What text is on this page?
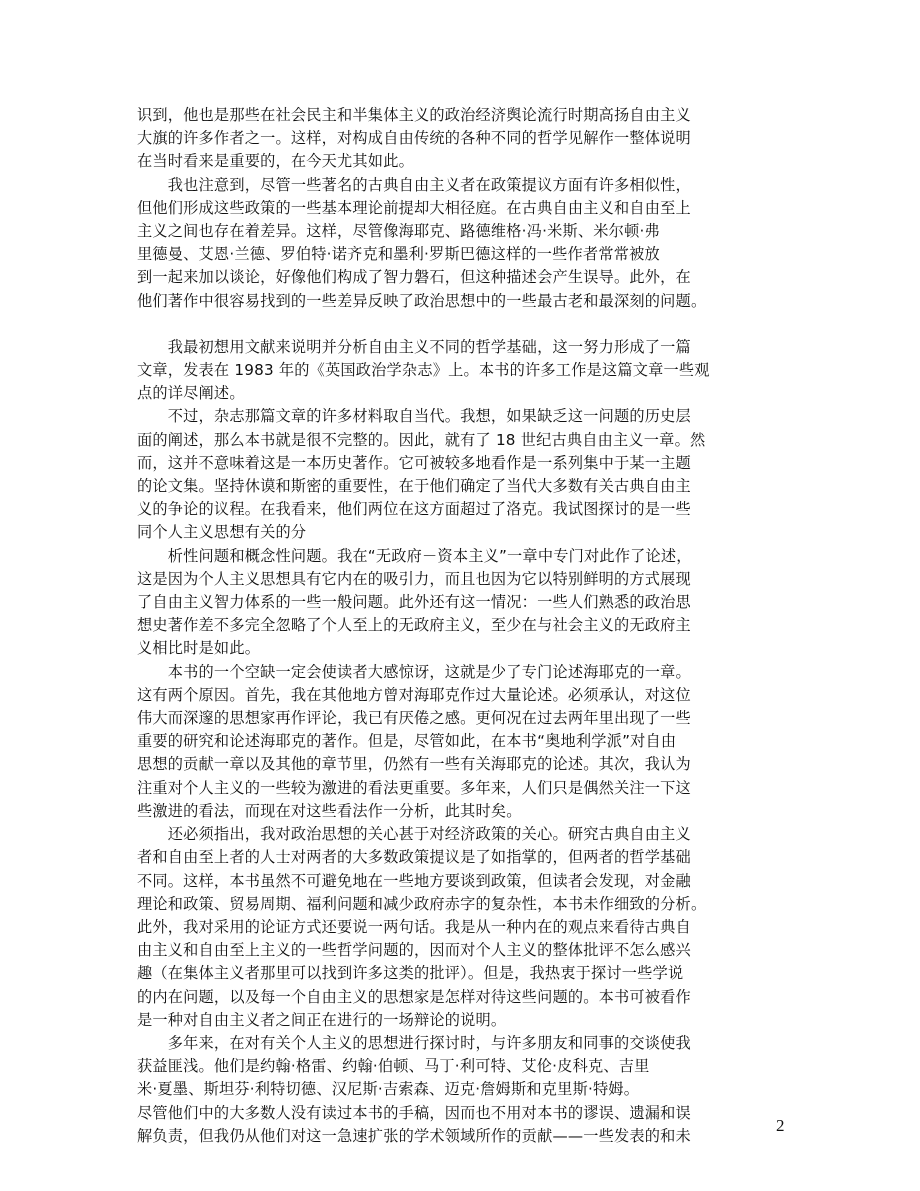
识到，他也是那些在社会民主和半集体主义的政治经济舆论流行时期高扬自由主义
大旗的许多作者之一。这样，对构成自由传统的各种不同的哲学见解作一整体说明
在当时看来是重要的，在今天尤其如此。
　　我也注意到，尽管一些著名的古典自由主义者在政策提议方面有许多相似性，
但他们形成这些政策的一些基本理论前提却大相径庭。在古典自由主义和自由至上
主义之间也存在着差异。这样，尽管像海耶克、路德维格·冯·米斯、米尔顿·弗
里德曼、艾恩·兰德、罗伯特·诺齐克和墨利·罗斯巴德这样的一些作者常常被放
到一起来加以谈论，好像他们构成了智力磐石，但这种描述会产生误导。此外，在
他们著作中很容易找到的一些差异反映了政治思想中的一些最古老和最深刻的问题。
　　我最初想用文献来说明并分析自由主义不同的哲学基础，这一努力形成了一篇
文章，发表在 1983 年的《英国政治学杂志》上。本书的许多工作是这篇文章一些观
点的详尽阐述。
　　不过，杂志那篇文章的许多材料取自当代。我想，如果缺乏这一问题的历史层
面的阐述，那么本书就是很不完整的。因此，就有了 18 世纪古典自由主义一章。然
而，这并不意味着这是一本历史著作。它可被较多地看作是一系列集中于某一主题
的论文集。坚持休谟和斯密的重要性，在于他们确定了当代大多数有关古典自由主
义的争论的议程。在我看来，他们两位在这方面超过了洛克。我试图探讨的是一些
同个人主义思想有关的分
　　析性问题和概念性问题。我在“无政府－资本主义”一章中专门对此作了论述，
这是因为个人主义思想具有它内在的吸引力，而且也因为它以特别鲜明的方式展现
了自由主义智力体系的一些一般问题。此外还有这一情况：一些人们熟悉的政治思
想史著作差不多完全忽略了个人至上的无政府主义，至少在与社会主义的无政府主
义相比时是如此。
　　本书的一个空缺一定会使读者大感惊讶，这就是少了专门论述海耶克的一章。
这有两个原因。首先，我在其他地方曾对海耶克作过大量论述。必须承认，对这位
伟大而深邃的思想家再作评论，我已有厌倦之感。更何况在过去两年里出现了一些
重要的研究和论述海耶克的著作。但是，尽管如此，在本书“奥地利学派”对自由
思想的贡献一章以及其他的章节里，仍然有一些有关海耶克的论述。其次，我认为
注重对个人主义的一些较为激进的看法更重要。多年来，人们只是偶然关注一下这
些激进的看法，而现在对这些看法作一分析，此其时矣。
　　还必须指出，我对政治思想的关心甚于对经济政策的关心。研究古典自由主义
者和自由至上者的人士对两者的大多数政策提议是了如指掌的，但两者的哲学基础
不同。这样，本书虽然不可避免地在一些地方要谈到政策，但读者会发现，对金融
理论和政策、贸易周期、福利问题和减少政府赤字的复杂性，本书未作细致的分析。
此外，我对采用的论证方式还要说一两句话。我是从一种内在的观点来看待古典自
由主义和自由至上主义的一些哲学问题的，因而对个人主义的整体批评不怎么感兴
趣（在集体主义者那里可以找到许多这类的批评）。但是，我热衷于探讨一些学说
的内在问题，以及每一个自由主义的思想家是怎样对待这些问题的。本书可被看作
是一种对自由主义者之间正在进行的一场辩论的说明。
　　多年来，在对有关个人主义的思想进行探讨时，与许多朋友和同事的交谈使我
获益匪浅。他们是约翰·格雷、约翰·伯顿、马丁·利可特、艾伦·皮科克、吉里
米·夏墨、斯坦芬·利特切德、汉尼斯·吉索森、迈克·詹姆斯和克里斯·特姆。
尽管他们中的大多数人没有读过本书的手稿，因而也不用对本书的谬误、遗漏和误
解负责，但我仍从他们对这一急速扩张的学术领域所作的贡献——一些发表的和未
2
